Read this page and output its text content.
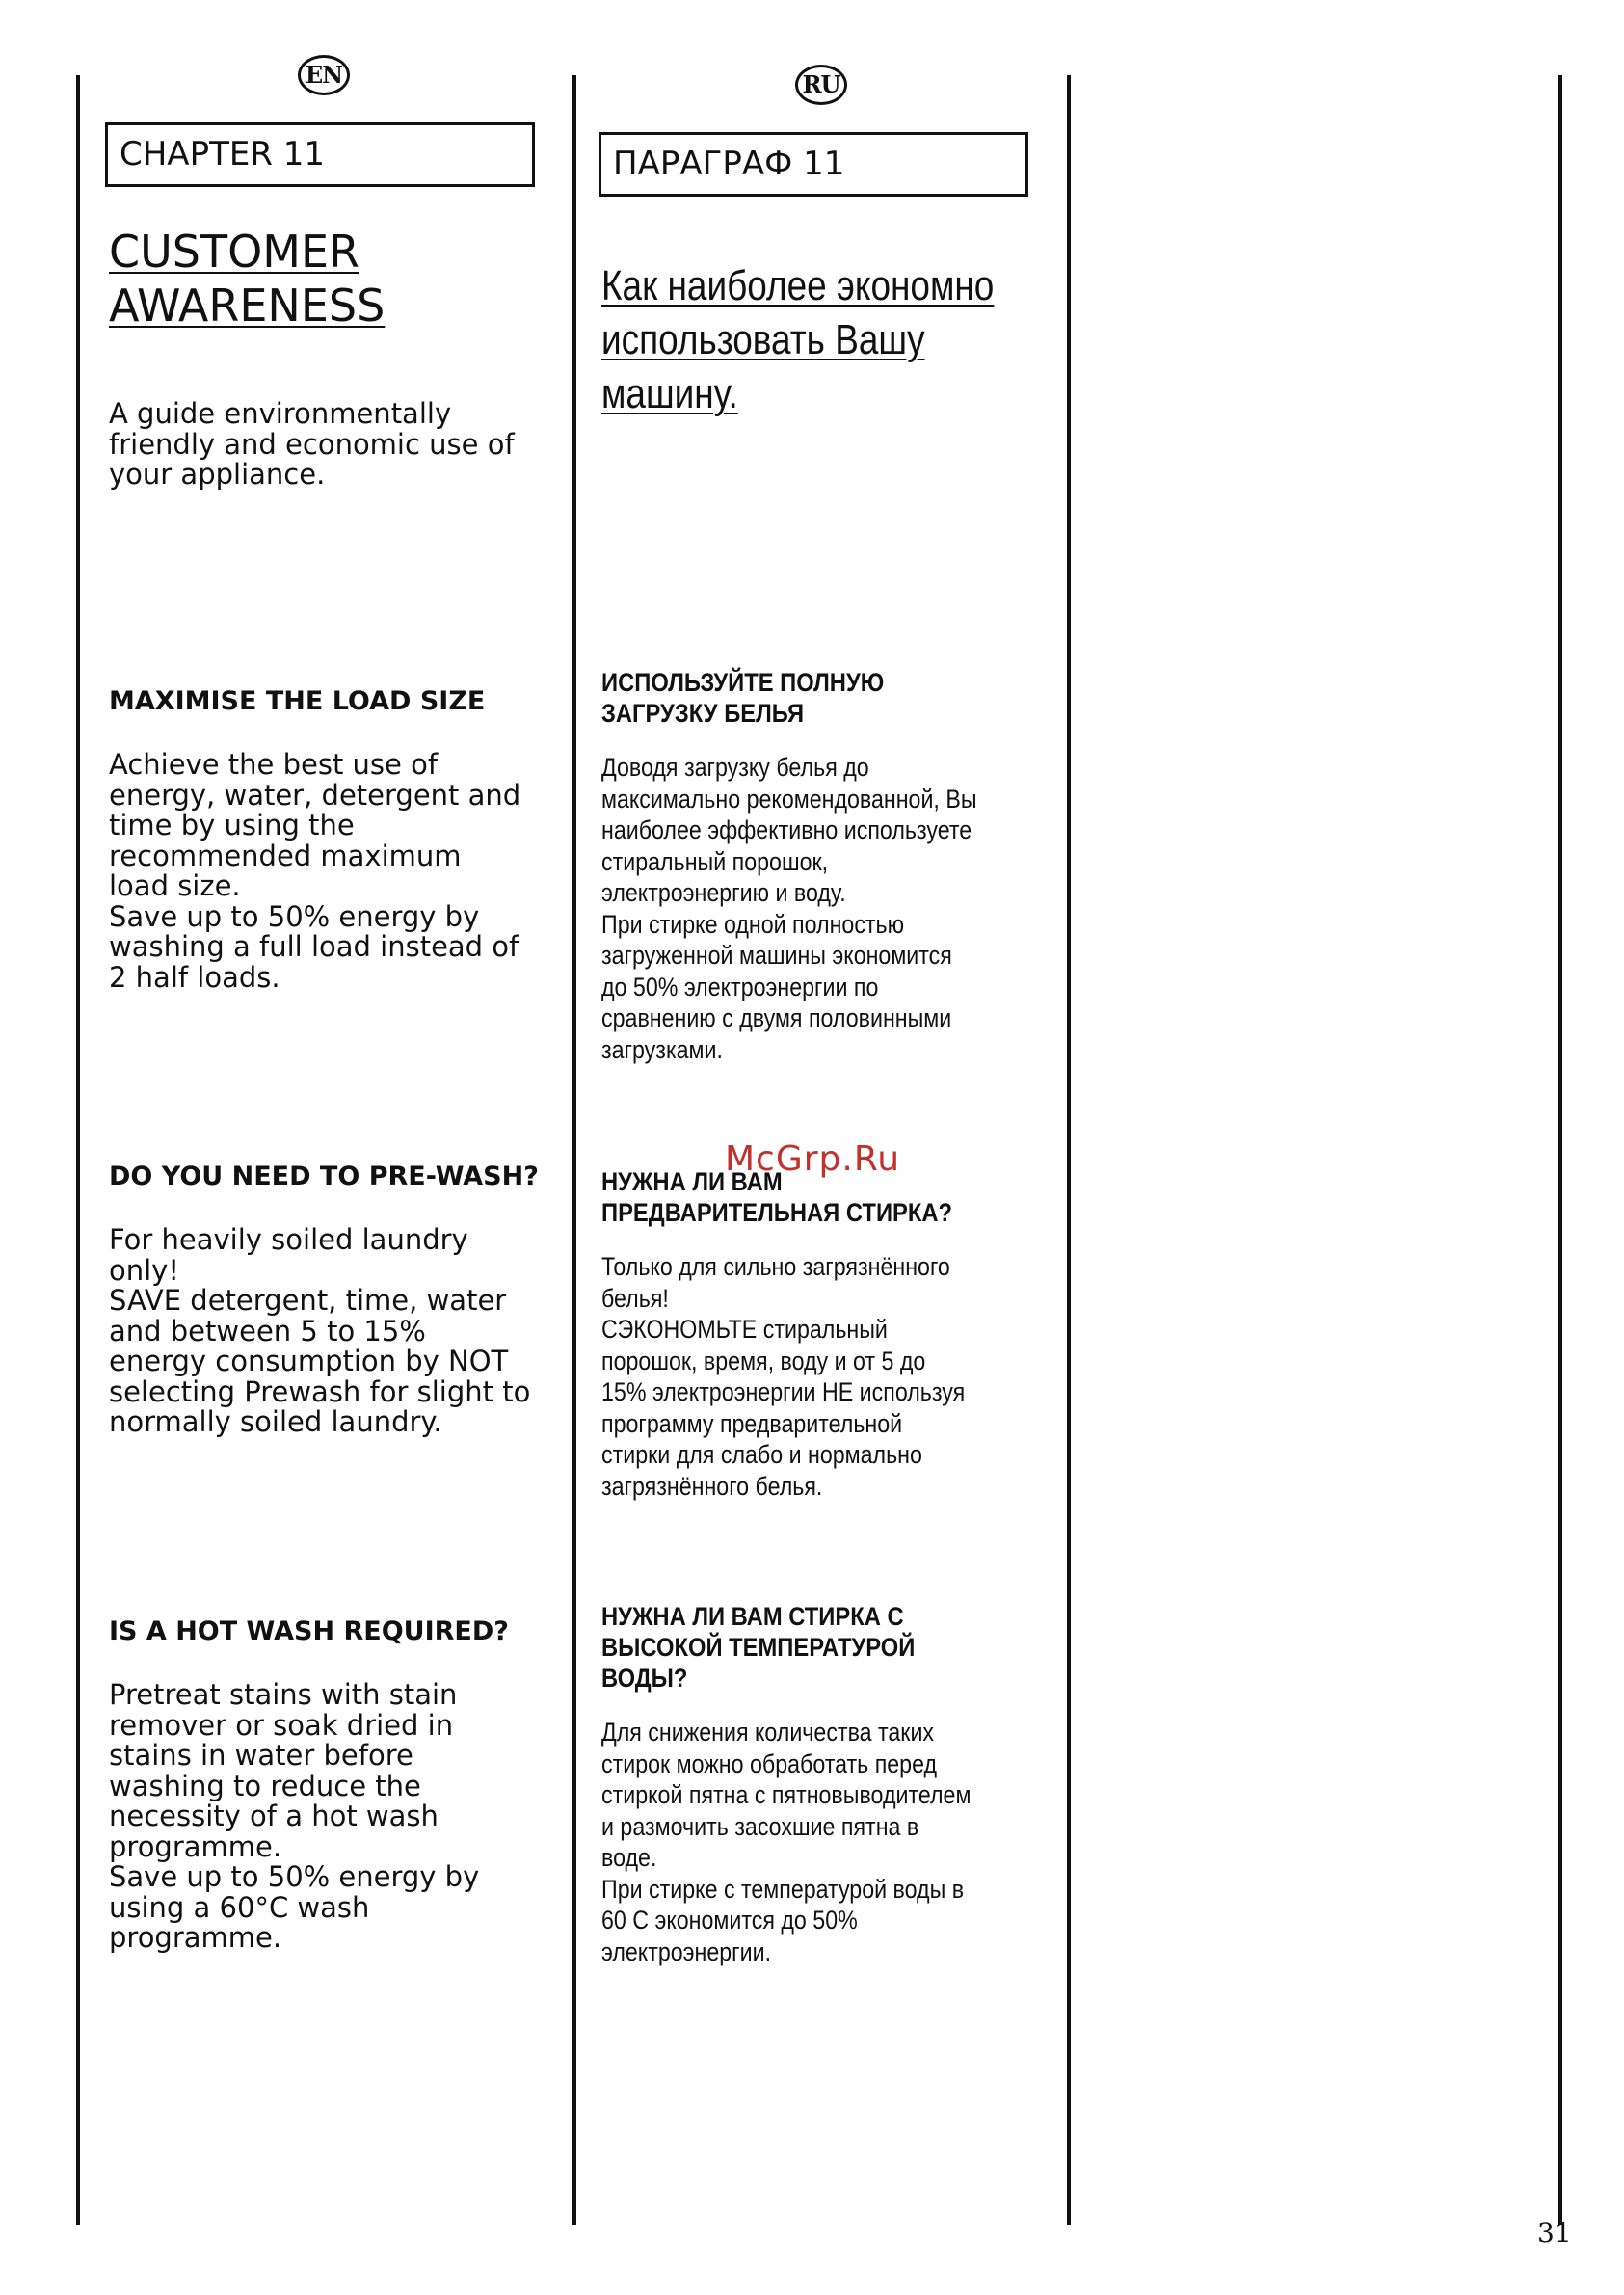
EN	RU
CHAPTER 11
CUSTOMER
AWARENESS

A guide environmentally
friendly and economic use of
your appliance.

MAXIMISE THE LOAD SIZE

Achieve the best use of
energy, water, detergent and
time by using the
recommended maximum
load size.
Save up to 50% energy by
washing a full load instead of
2 half loads.

DO YOU NEED TO PRE-WASH?

For heavily soiled laundry
only!
SAVE detergent, time, water
and between 5 to 15%
energy consumption by NOT
selecting Prewash for slight to
normally soiled laundry.

IS A HOT WASH REQUIRED?

Pretreat stains with stain
remover or soak dried in
stains in water before
washing to reduce the
necessity of a hot wash
programme.
Save up to 50% energy by
using a 60°C wash
programme.

ПАРАГРАФ 11
Как наиболее экономно
использовать Вашу
машину.

ИСПОЛЬЗУЙТЕ ПОЛНУЮ
ЗАГРУЗКУ БЕЛЬЯ

Доводя загрузку белья до
максимально рекомендованной, Вы
наиболее эффективно используете
стиральный порошок,
электроэнергию и воду.
При стирке одной полностью
загруженной машины экономится
до 50% электроэнергии по
сравнению с двумя половинными
загрузками.

НУЖНА ЛИ ВАМ
ПРЕДВАРИТЕЛЬНАЯ СТИРКА?

Только для сильно загрязнённого
белья!
СЭКОНОМЬТЕ стиральный
порошок, время, воду и от 5 до
15% электроэнергии НЕ используя
программу предварительной
стирки для слабо и нормально
загрязнённого белья.

НУЖНА ЛИ ВАМ СТИРКА С
ВЫСОКОЙ ТЕМПЕРАТУРОЙ
ВОДЫ?

Для снижения количества таких
стирок можно обработать перед
стиркой пятна с пятновыводителем
и размочить засохшие пятна в
воде.
При стирке с температурой воды в
60 С экономится до 50%
электроэнергии.

McGrp.Ru
31
